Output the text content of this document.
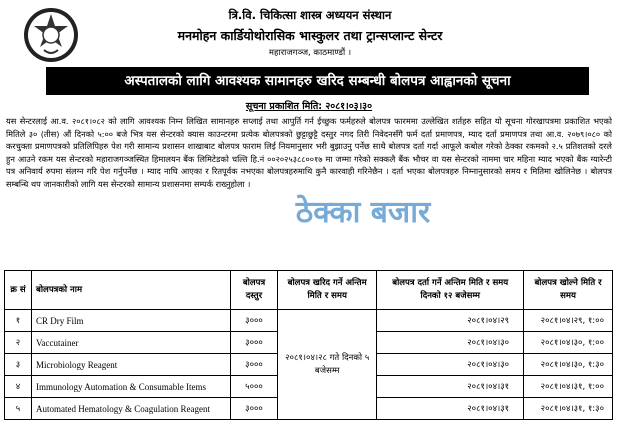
त्रि.वि. चिकित्सा शास्त्र अध्ययन संस्थान
मनमोहन कार्डियोथोरासिक भास्कुलर तथा ट्रान्सप्लान्ट सेन्टर
महाराजगञ्ज, काठमाण्डौं ।
अस्पतालको लागि आवश्यक सामानहरु खरिद सम्बन्धी बोलपत्र आह्वानको सूचना
सूचना प्रकाशित मिति: २०८१।०३।३०

यस सेन्टरलाई आ.व. २०८१।०८२ को लागि आवश्यक निम्न लिखित सामानहरु सप्लाई तथा आपुर्ति गर्न ईच्छुक फर्महरुले बोलपत्र फारममा उल्लेखित शर्तहरु सहित यो सूचना गोरखापत्रमा प्रकाशित भएको मितिले ३० (तीस) औं दिनको ५:०० बजे भित्र यस सेन्टरको क्यास काउन्टरमा प्रत्येक बोलपत्रको छुट्टाछुट्टै दस्तुर नगद तिरी निवेदनसँगै फर्म दर्ता प्रमाणपत्र, म्याद दर्ता प्रमाणपत्र तथा आ.व. २०७९।०८० को करचुक्ता प्रमाणपत्रको प्रतिलिपिहरु पेश गरी सामान्य प्रशासन शाखाबाट बोलपत्र फाराम लिई नियमानुसार भरी बुझाउनु पर्नेछ साथै बोलपत्र दर्ता गर्दा आफूले कबोल गरेको ठेक्का रकमको २.५ प्रतिशतको दरले हुन आउने रकम यस सेन्टरको महाराजगञ्जस्थित हिमालयन बैंक लिमिटेडको चल्ति हि.नं ००२०२५३८८००१७ मा जम्मा गरेको सक्कलै बैंक भौचर वा यस सेन्टरको नाममा चार महिना म्याद भएको बैंक ग्यारेन्टी पत्र अनिवार्य रुपमा संलग्न गरि पेश गर्नुपर्नेछ । म्याद नाघि आएका र रितपूर्वक नभएका बोलपत्रहरुमाथि कुनै कारवाही गरिनेछैन । दर्ता भएका बोलपत्रहरु निम्नानुसारको समय र मितिमा खोलिनेछ । बोलपत्र सम्बन्धि थप जानकारीको लागि यस सेन्टरको सामान्य प्रशासनमा सम्पर्क राख्नुहोला ।

ठेक्का बजार
क्र सं	बोलपत्रको नाम	बोलपत्र दस्तुर	बोलपत्र खरिद गर्ने अन्तिम मिति र समय	बोलपत्र दर्ता गर्ने अन्तिम मिति र समय दिनको १२ बजेसम्म	बोलपत्र खोल्ने मिति र समय
१	CR Dry Film	३०००	२०८१।०४।२८ गते दिनको ५ बजेसम्म	२०८१।०४।२९	२०८१।०४।२९, १:००
२	Vaccutainer	३०००		२०८१।०४।३०	२०८१।०४।३०, १:००
३	Microbiology Reagent	३०००		२०८१।०४।३०	२०८१।०४।३०, १:३०
४	Immunology Automation & Consumable Items	५०००		२०८१।०४।३१	२०८१।०४।३१, १:००
५	Automated Hematology & Coagulation Reagent	३०००		२०८१।०४।३१	२०८१।०४।३१, १:३०
